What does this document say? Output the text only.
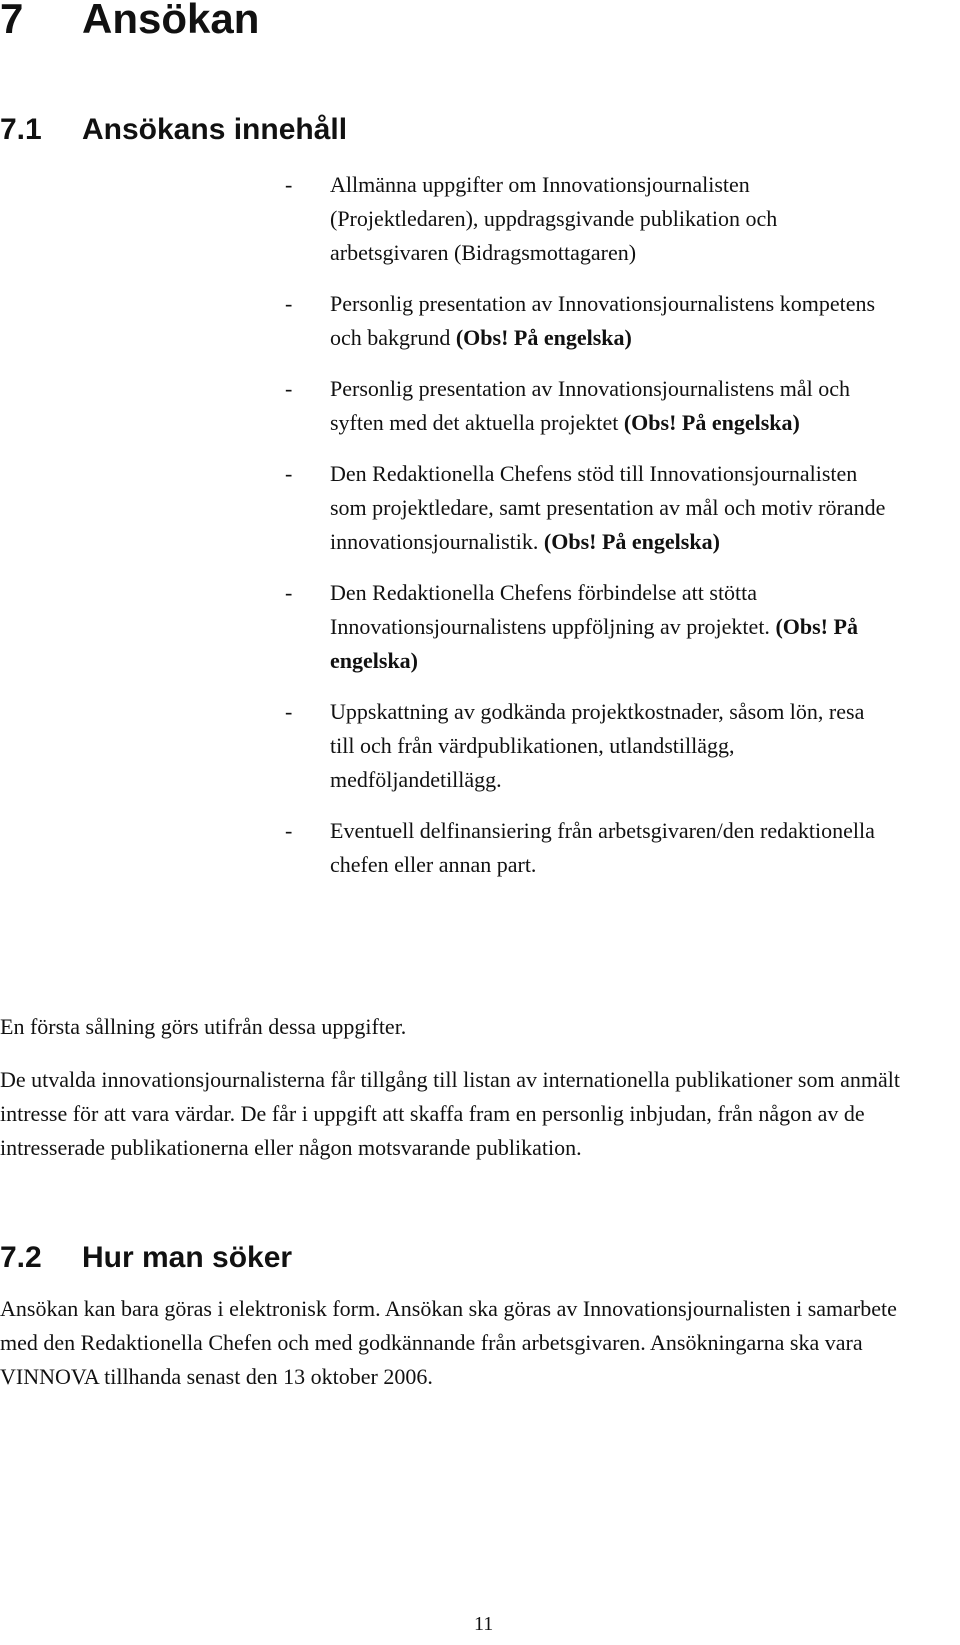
7 Ansökan
7.1 Ansökans innehåll
- Allmänna uppgifter om Innovationsjournalisten (Projektledaren), uppdragsgivande publikation och arbetsgivaren (Bidragsmottagaren)
- Personlig presentation av Innovationsjournalistens kompetens och bakgrund (Obs! På engelska)
- Personlig presentation av Innovationsjournalistens mål och syften med det aktuella projektet (Obs! På engelska)
- Den Redaktionella Chefens stöd till Innovationsjournalisten som projektledare, samt presentation av mål och motiv rörande innovationsjournalistik. (Obs! På engelska)
- Den Redaktionella Chefens förbindelse att stötta Innovationsjournalistens uppföljning av projektet. (Obs! På engelska)
- Uppskattning av godkända projektkostnader, såsom lön, resa till och från värdpublikationen, utlandstillägg, medföljandetillägg.
- Eventuell delfinansiering från arbetsgivaren/den redaktionella chefen eller annan part.

En första sållning görs utifrån dessa uppgifter.

De utvalda innovationsjournalisterna får tillgång till listan av internationella publikationer som anmält intresse för att vara värdar. De får i uppgift att skaffa fram en personlig inbjudan, från någon av de intresserade publikationerna eller någon motsvarande publikation.

7.2 Hur man söker

Ansökan kan bara göras i elektronisk form. Ansökan ska göras av Innovationsjournalisten i samarbete med den Redaktionella Chefen och med godkännande från arbetsgivaren. Ansökningarna ska vara VINNOVA tillhanda senast den 13 oktober 2006.

11
